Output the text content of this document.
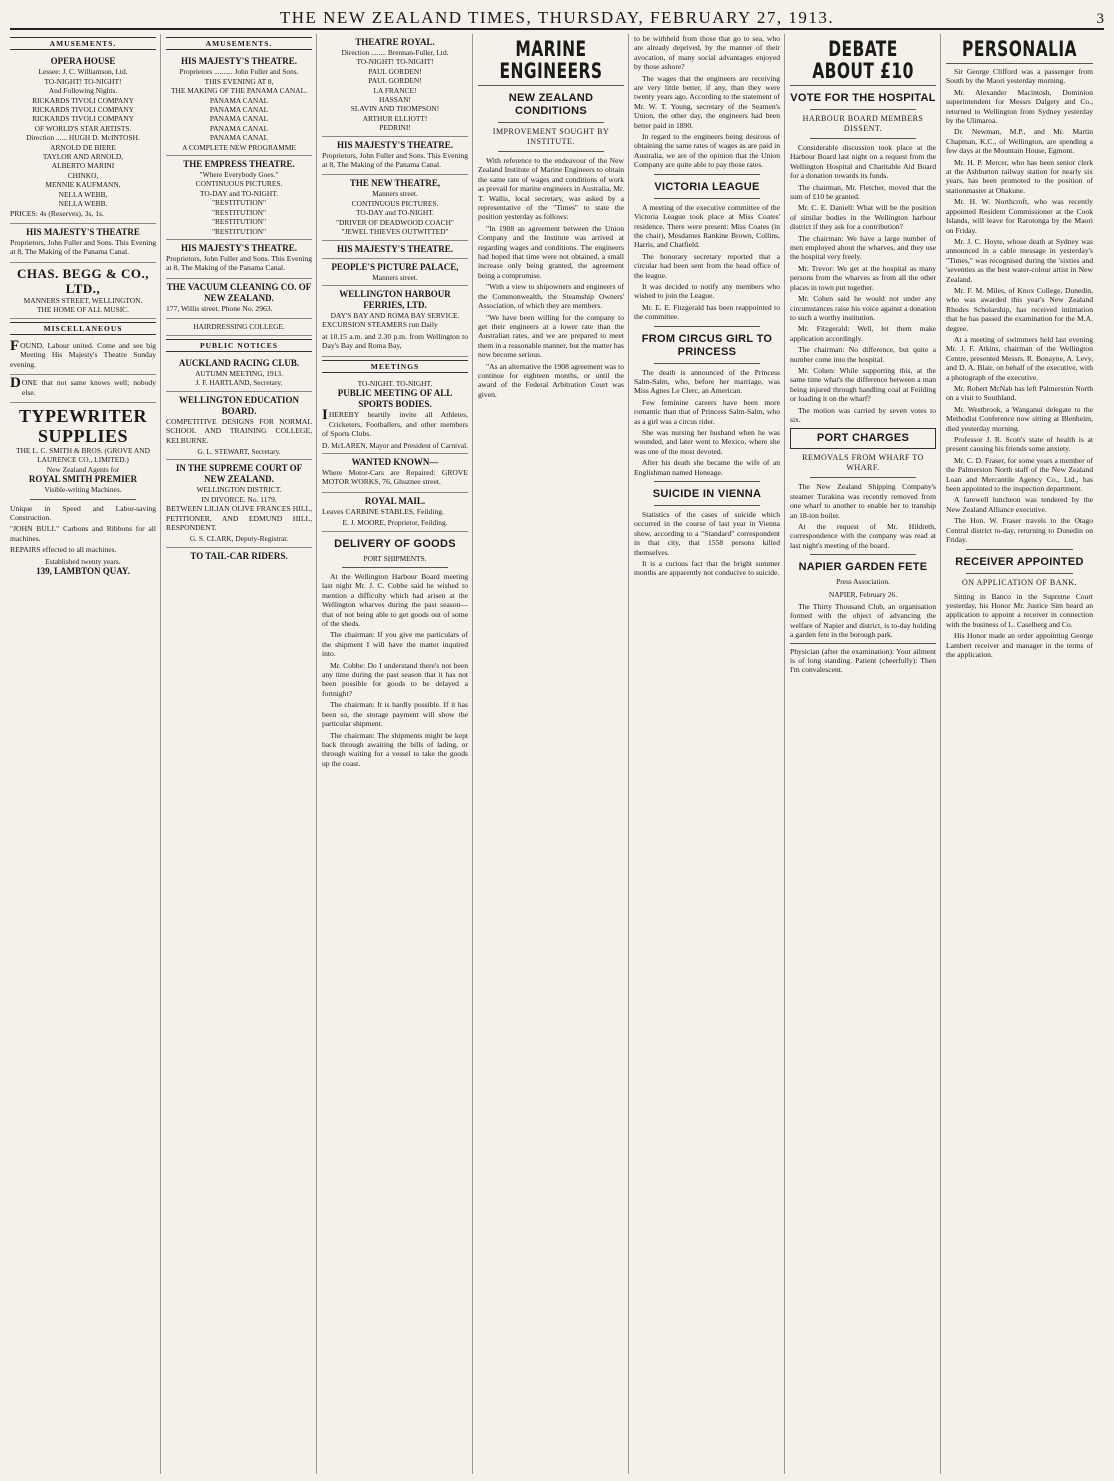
THE NEW ZEALAND TIMES, THURSDAY, FEBRUARY 27, 1913.	3
AMUSEMENTS.
OPERA HOUSE
Lessee: J. C. Williamson, Ltd.
TO-NIGHT! TO-NIGHT!
And Following Nights.
RICKARDS TIVOLI COMPANY
RICKARDS TIVOLI COMPANY
RICKARDS TIVOLI COMPANY
OF WORLD'S STAR ARTISTS.
Direction ...... HUGH D. McINTOSH.
ARNOLD DE BIERE
TAYLOR AND ARNOLD,
ALBERTO MARINI
CHINKO,
MENNIE KAUFMANN,
NELLA WEBB,
NELLA WEBB.
PRICES: 4s (Reserves), 3s, 1s.
HIS MAJESTY'S THEATRE
Proprietors, John Fuller and Sons. This Evening at 8, The Making of the Panama Canal.
CHAS. BEGG & CO., LTD.,
MANNERS STREET, WELLINGTON.
THE HOME OF ALL MUSIC.
MISCELLANEOUS
FOUND, Labour united. Come and see big Meeting His Majesty's Theatre Sunday evening.
DONE that not same knows well; nobody else.
TYPEWRITER SUPPLIES
THE L. C. SMITH & BROS. (GROVE AND LAURENCE CO., LIMITED.)
New Zealand Agents for
ROYAL SMITH PREMIER
Visible-writing Machines.
Unique in Speed and Labor-saving Construction.
"JOHN BULL" Carbons and Ribbons for all machines.
REPAIRS effected to all machines.
Established twenty years.
139, LAMBTON QUAY.
AMUSEMENTS.
HIS MAJESTY'S THEATRE.
Proprietors .......... John Fuller and Sons.
THIS EVENING AT 8,
THE MAKING OF THE PANAMA CANAL.
PANAMA CANAL
PANAMA CANAL
PANAMA CANAL
PANAMA CANAL
PANAMA CANAL
A COMPLETE NEW PROGRAMME
THE EMPRESS THEATRE.
"Where Everybody Goes."
CONTINUOUS PICTURES.
TO-DAY and TO-NIGHT.
"RESTITUTION"
"RESTITUTION"
"RESTITUTION"
"RESTITUTION"
HIS MAJESTY'S THEATRE.
Proprietors, John Fuller and Sons. This Evening at 8, The Making of the Panama Canal.
THE VACUUM CLEANING CO. OF NEW ZEALAND.
177, Willis street. Phone No. 2963.
HAIRDRESSING COLLEGE.
PUBLIC NOTICES
AUCKLAND RACING CLUB.
AUTUMN MEETING, 1913.
J. F. HARTLAND, Secretary.
WELLINGTON EDUCATION BOARD.
COMPETITIVE DESIGNS FOR NORMAL SCHOOL AND TRAINING COLLEGE, KELBURNE.
G. L. STEWART, Secretary.
IN THE SUPREME COURT OF NEW ZEALAND.
WELLINGTON DISTRICT.
IN DIVORCE. No. 1179.
BETWEEN LILIAN OLIVE FRANCES HILL, PETITIONER, AND EDMUND HILL, RESPONDENT.
G. S. CLARK, Deputy-Registrar.
TO TAIL-CAR RIDERS.
THEATRE ROYAL.
Direction ........ Brennan-Fuller, Ltd.
TO-NIGHT! TO-NIGHT!
PAUL GORDEN!
PAUL GORDEN!
LA FRANCE!
HASSAN!
SLAVIN AND THOMPSON!
ARTHUR ELLIOTT!
PEDRINI!
HIS MAJESTY'S THEATRE.
Proprietors, John Fuller and Sons. This Evening at 8, The Making of the Panama Canal.
THE NEW THEATRE,
Manners street.
CONTINUOUS PICTURES.
TO-DAY and TO-NIGHT.
"DRIVER OF DEADWOOD COACH"
"JEWEL THIEVES OUTWITTED"
HIS MAJESTY'S THEATRE.
PEOPLE'S PICTURE PALACE,
Manners street.
WELLINGTON HARBOUR FERRIES, LTD.
DAY'S BAY AND ROMA BAY SERVICE.
EXCURSION STEAMERS run Daily
at 10.15 a.m. and 2.30 p.m. from Wellington to Day's Bay and Roma Bay,
MEETINGS
TO-NIGHT. TO-NIGHT.
PUBLIC MEETING OF ALL SPORTS BODIES.
IHEREBY heartily invite all Athletes, Cricketers, Footballers, and other members of Sports Clubs.
D. McLAREN, Mayor and President of Carnival.
WANTED KNOWN—
Where Motor-Cars are Repaired: GROVE MOTOR WORKS, 76, Ghuznee street.
ROYAL MAIL.
Leaves CARBINE STABLES, Feilding.
E. J. MOORE, Proprietor, Feilding.
DELIVERY OF GOODS
PORT SHIPMENTS.

At the Wellington Harbour Board meeting last night Mr. J. C. Cobbe said he wished to mention a difficulty which had arisen at the Wellington wharves during the past season—that of not being able to get goods out of some of the sheds.

The chairman: If you give me particulars of the shipment I will have the matter inquired into.

Mr. Cobbe: Do I understand there's not been any time during the past season that it has not been possible for goods to be delayed a fortnight?

The chairman: It is hardly possible. If it has been so, the storage payment will show the particular shipment.

The chairman: The shipments might be kept back through awaiting the bills of lading, or through waiting for a vessel to take the goods up the coast.

MARINE ENGINEERS
NEW ZEALAND CONDITIONS
IMPROVEMENT SOUGHT BY INSTITUTE.

With reference to the endeavour of the New Zealand Institute of Marine Engineers to obtain the same rate of wages and conditions of work as prevail for marine engineers in Australia, Mr. T. Wallis, local secretary, was asked by a representative of the "Times" to state the position yesterday as follows:

"In 1908 an agreement between the Union Company and the Institute was arrived at regarding wages and conditions. The engineers had hoped that time were not obtained, a small increase only being granted, the agreement being a compromise.

"With a view to shipowners and engineers of the Commonwealth, the Steamship Owners' Association, of which they are members.

"We have been willing for the company to get their engineers at a lower rate than the Australian rates, and we are prepared to meet them in a reasonable manner, but the matter has now become serious.

"As an alternative the 1908 agreement was to continue for eighteen months, or until the award of the Federal Arbitration Court was given.

to be withheld from those that go to sea, who are already deprived, by the manner of their avocation, of many social advantages enjoyed by those ashore?

The wages that the engineers are receiving are very little better, if any, than they were twenty years ago. According to the statement of Mr. W. T. Young, secretary of the Seamen's Union, the other day, the engineers had been better paid in 1890.

In regard to the engineers being desirous of obtaining the same rates of wages as are paid in Australia, we are of the opinion that the Union Company are quite able to pay those rates.

VICTORIA LEAGUE

A meeting of the executive committee of the Victoria League took place at Miss Coates' residence. There were present: Miss Coates (in the chair), Mesdames Rankine Brown, Collins, Harris, and Chatfield.

The honorary secretary reported that a circular had been sent from the head office of the league.

It was decided to notify any members who wished to join the League.

Mr. E. E. Fitzgerald has been reappointed to the committee.

FROM CIRCUS GIRL TO PRINCESS

The death is announced of the Princess Salm-Salm, who, before her marriage, was Miss Agnes Le Clerc, an American.

Few feminine careers have been more romantic than that of Princess Salm-Salm, who as a girl was a circus rider.

She was nursing her husband when he was wounded, and later went to Mexico, where she was one of the most devoted.

After his death she became the wife of an Englishman named Heneage.

SUICIDE IN VIENNA

Statistics of the cases of suicide which occurred in the course of last year in Vienna show, according to a "Standard" correspondent in that city, that 1558 persons killed themselves.

It is a curious fact that the bright summer months are apparently not conducive to suicide.

DEBATE ABOUT £10
VOTE FOR THE HOSPITAL
HARBOUR BOARD MEMBERS DISSENT.

Considerable discussion took place at the Harbour Board last night on a request from the Wellington Hospital and Charitable Aid Board for a donation towards its funds.

The chairman, Mr. Fletcher, moved that the sum of £10 be granted.

Mr. C. E. Daniell: What will be the position of similar bodies in the Wellington harbour district if they ask for a contribution?

The chairman: We have a large number of men employed about the wharves, and they use the hospital very freely.

Mr. Trevor: We get at the hospital as many persons from the wharves as from all the other places in town put together.

Mr. Cohen said he would not under any circumstances raise his voice against a donation to such a worthy institution.

Mr. Fitzgerald: Well, let them make application accordingly.

The chairman: No difference, but quite a number come into the hospital.

Mr. Cohen: While supporting this, at the same time what's the difference between a man being injured through handling coal at Feilding or loading it on the wharf?

The motion was carried by seven votes to six.

PORT CHARGES
REMOVALS FROM WHARF TO WHARF.

The New Zealand Shipping Company's steamer Turakina was recently removed from one wharf to another to enable her to tranship an 18-ton boiler.

At the request of Mr. Hildreth, correspondence with the company was read at last night's meeting of the board.

NAPIER GARDEN FETE
Press Association.
NAPIER, February 26.

The Thirty Thousand Club, an organisation formed with the object of advancing the welfare of Napier and district, is to-day holding a garden fete in the borough park.

Physician (after the examination): Your ailment is of long standing. Patient (cheerfully): Then I'm convalescent.

PERSONALIA

Sir George Clifford was a passenger from South by the Maori yesterday morning.

Mr. Alexander Macintosh, Dominion superintendent for Messrs Dalgety and Co., returned to Wellington from Sydney yesterday by the Ulimaroa.

Dr. Newman, M.P., and Mr. Martin Chapman, K.C., of Wellington, are spending a few days at the Mountain House, Egmont.

Mr. H. P. Mercer, who has been senior clerk at the Ashburton railway station for nearly six years, has been promoted to the position of stationmaster at Ohakune.

Mr. H. W. Northcroft, who was recently appointed Resident Commissioner at the Cook Islands, will leave for Rarotonga by the Maori on Friday.

Mr. J. C. Hoyte, whose death at Sydney was announced in a cable message in yesterday's "Times," was recognised during the 'sixties and 'seventies as the best water-colour artist in New Zealand.

Mr. F. M. Miles, of Knox College, Dunedin, who was awarded this year's New Zealand Rhodes Scholarship, has received intimation that he has passed the examination for the M.A. degree.

At a meeting of swimmers held last evening Mr. J. F. Atkins, chairman of the Wellington Centre, presented Messrs. R. Bonayne, A. Levy, and D. A. Blair, on behalf of the executive, with a photograph of the executive.

Mr. Robert McNab has left Palmerston North on a visit to Southland.

Mr. Westbrook, a Wanganui delegate to the Methodist Conference now sitting at Blenheim, died yesterday morning.

Professor J. R. Scott's state of health is at present causing his friends some anxiety.

Mr. C. D. Fraser, for some years a member of the Palmerston North staff of the New Zealand Loan and Mercantile Agency Co., Ltd., has been appointed to the inspection department.

A farewell luncheon was tendered by the New Zealand Alliance executive.

The Hon. W. Fraser travels to the Otago Central district to-day, returning to Dunedin on Friday.

RECEIVER APPOINTED
ON APPLICATION OF BANK.

Sitting in Banco in the Supreme Court yesterday, his Honor Mr. Justice Sim heard an application to appoint a receiver in connection with the business of L. Caselberg and Co.

His Honor made an order appointing George Lambert receiver and manager in the terms of the application.
